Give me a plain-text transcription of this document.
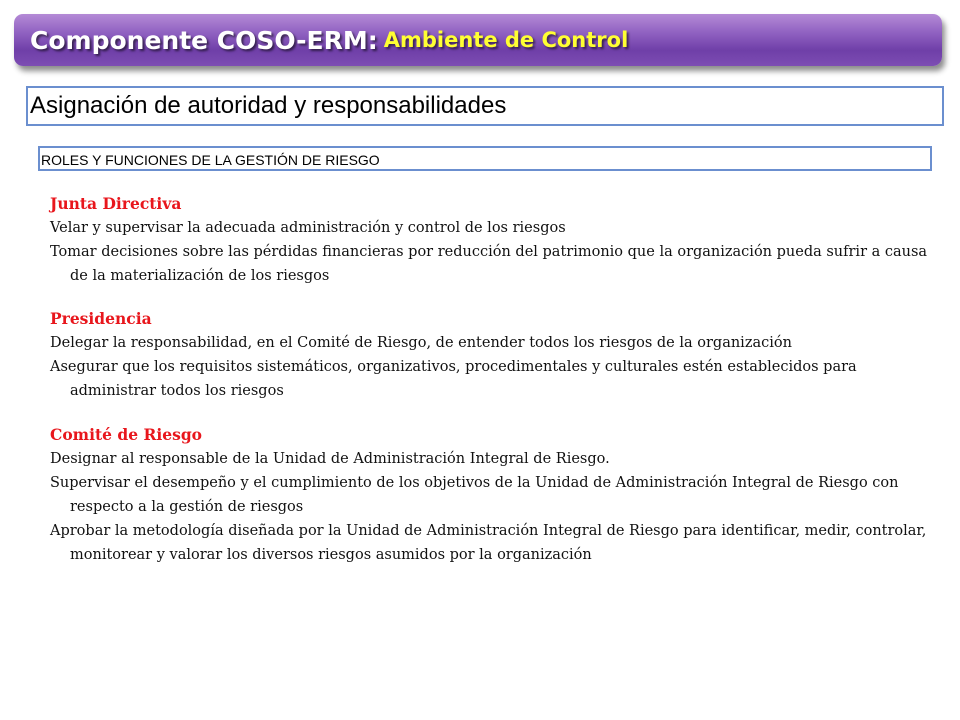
Componente COSO-ERM: Ambiente de Control
Asignación de autoridad y responsabilidades
ROLES Y FUNCIONES DE LA GESTIÓN DE RIESGO
Junta Directiva

Velar y supervisar la adecuada administración y control de los riesgos

Tomar decisiones sobre las pérdidas financieras por reducción del patrimonio que la organización pueda sufrir a causa de la materialización de los riesgos

Presidencia

Delegar la responsabilidad, en el Comité de Riesgo, de entender todos los riesgos de la organización

Asegurar que los requisitos sistemáticos, organizativos, procedimentales y culturales estén establecidos para administrar todos los riesgos

Comité de Riesgo

Designar al responsable de la Unidad de Administración Integral de Riesgo.

Supervisar el desempeño y el cumplimiento de los objetivos de la Unidad de Administración Integral de Riesgo con respecto a la gestión de riesgos

Aprobar la metodología diseñada por la Unidad de Administración Integral de Riesgo para identificar, medir, controlar, monitorear y valorar los diversos riesgos asumidos por la organización
